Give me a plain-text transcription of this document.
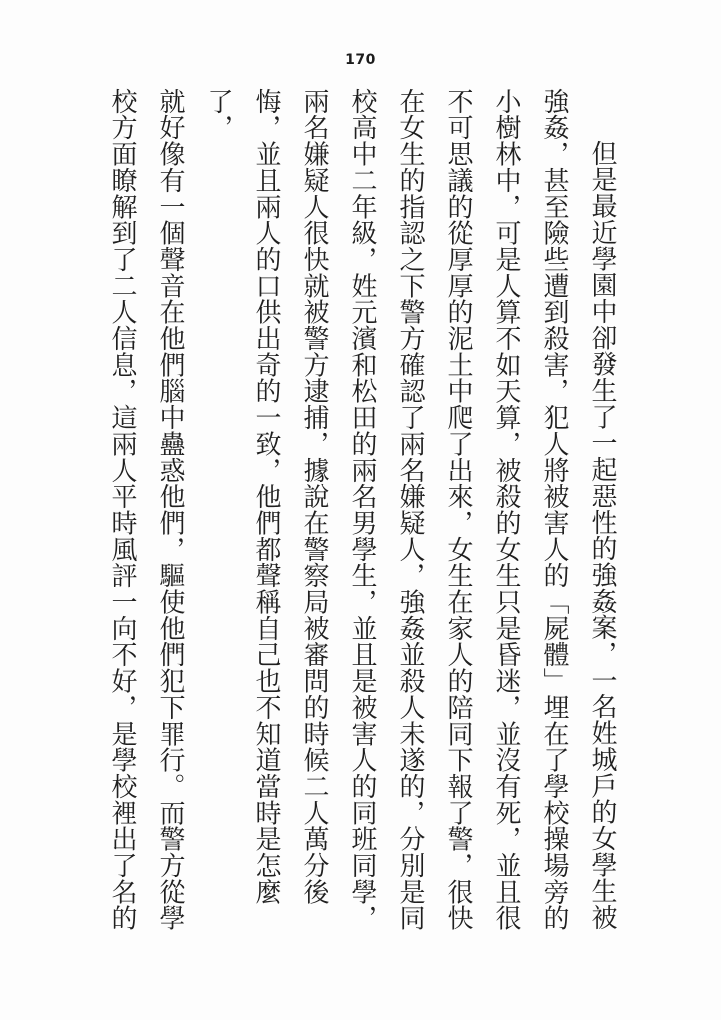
170
但是最近學園中卻發生了一起惡性的強姦案，一名姓城戶的女學生被
強姦，甚至險些遭到殺害，犯人將被害人的「屍體」埋在了學校操場旁的
小樹林中，可是人算不如天算，被殺的女生只是昏迷，並沒有死，並且很
不可思議的從厚厚的泥土中爬了出來，女生在家人的陪同下報了警，很快
在女生的指認之下警方確認了兩名嫌疑人，強姦並殺人未遂的，分別是同
校高中二年級，姓元濱和松田的兩名男學生，並且是被害人的同班同學，
兩名嫌疑人很快就被警方逮捕，據說在警察局被審問的時候二人萬分後
悔，並且兩人的口供出奇的一致，他們都聲稱自己也不知道當時是怎麼了，
就好像有一個聲音在他們腦中蠱惑他們，驅使他們犯下罪行。而警方從學
校方面瞭解到了二人信息，這兩人平時風評一向不好，是學校裡出了名的
